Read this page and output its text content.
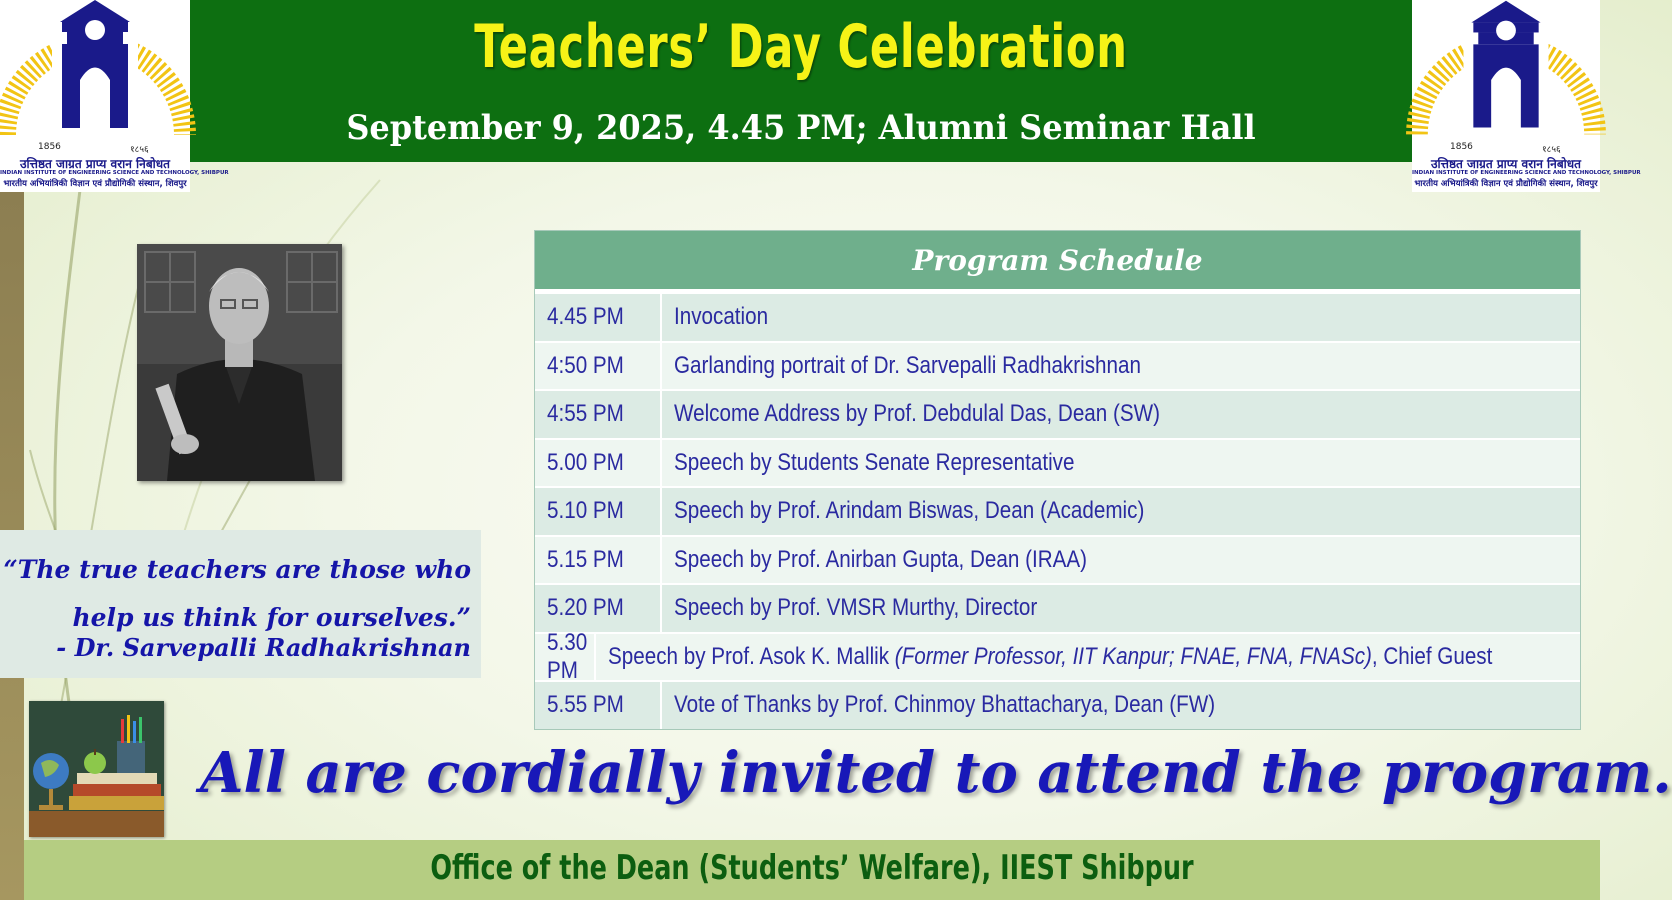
Teachers’ Day Celebration
September 9, 2025, 4.45 PM; Alumni Seminar Hall
1856	१८५६
उत्तिष्ठत जाग्रत प्राप्य वरान निबोधत
INDIAN INSTITUTE OF ENGINEERING SCIENCE AND TECHNOLOGY, SHIBPUR
भारतीय अभियांत्रिकी विज्ञान एवं प्रौद्योगिकी संस्थान, शिवपुर
1856	१८५६
उत्तिष्ठत जाग्रत प्राप्य वरान निबोधत
INDIAN INSTITUTE OF ENGINEERING SCIENCE AND TECHNOLOGY, SHIBPUR
भारतीय अभियांत्रिकी विज्ञान एवं प्रौद्योगिकी संस्थान, शिवपुर
“The true teachers are those who
help us think for ourselves.”
- Dr. Sarvepalli Radhakrishnan
Program Schedule
4.45 PM Invocation
4:50 PM Garlanding portrait of Dr. Sarvepalli Radhakrishnan
4:55 PM Welcome Address by Prof. Debdulal Das, Dean (SW)
5.00 PM Speech by Students Senate Representative
5.10 PM Speech by Prof. Arindam Biswas, Dean (Academic)
5.15 PM Speech by Prof. Anirban Gupta, Dean (IRAA)
5.20 PM Speech by Prof. VMSR Murthy, Director
5.30 PM
Speech by Prof. Asok K. Mallik (Former Professor, IIT Kanpur; FNAE, FNA, FNASc), Chief Guest
5.55 PM Vote of Thanks by Prof. Chinmoy Bhattacharya, Dean (FW)
All are cordially invited to attend the program.
Office of the Dean (Students’ Welfare), IIEST Shibpur
